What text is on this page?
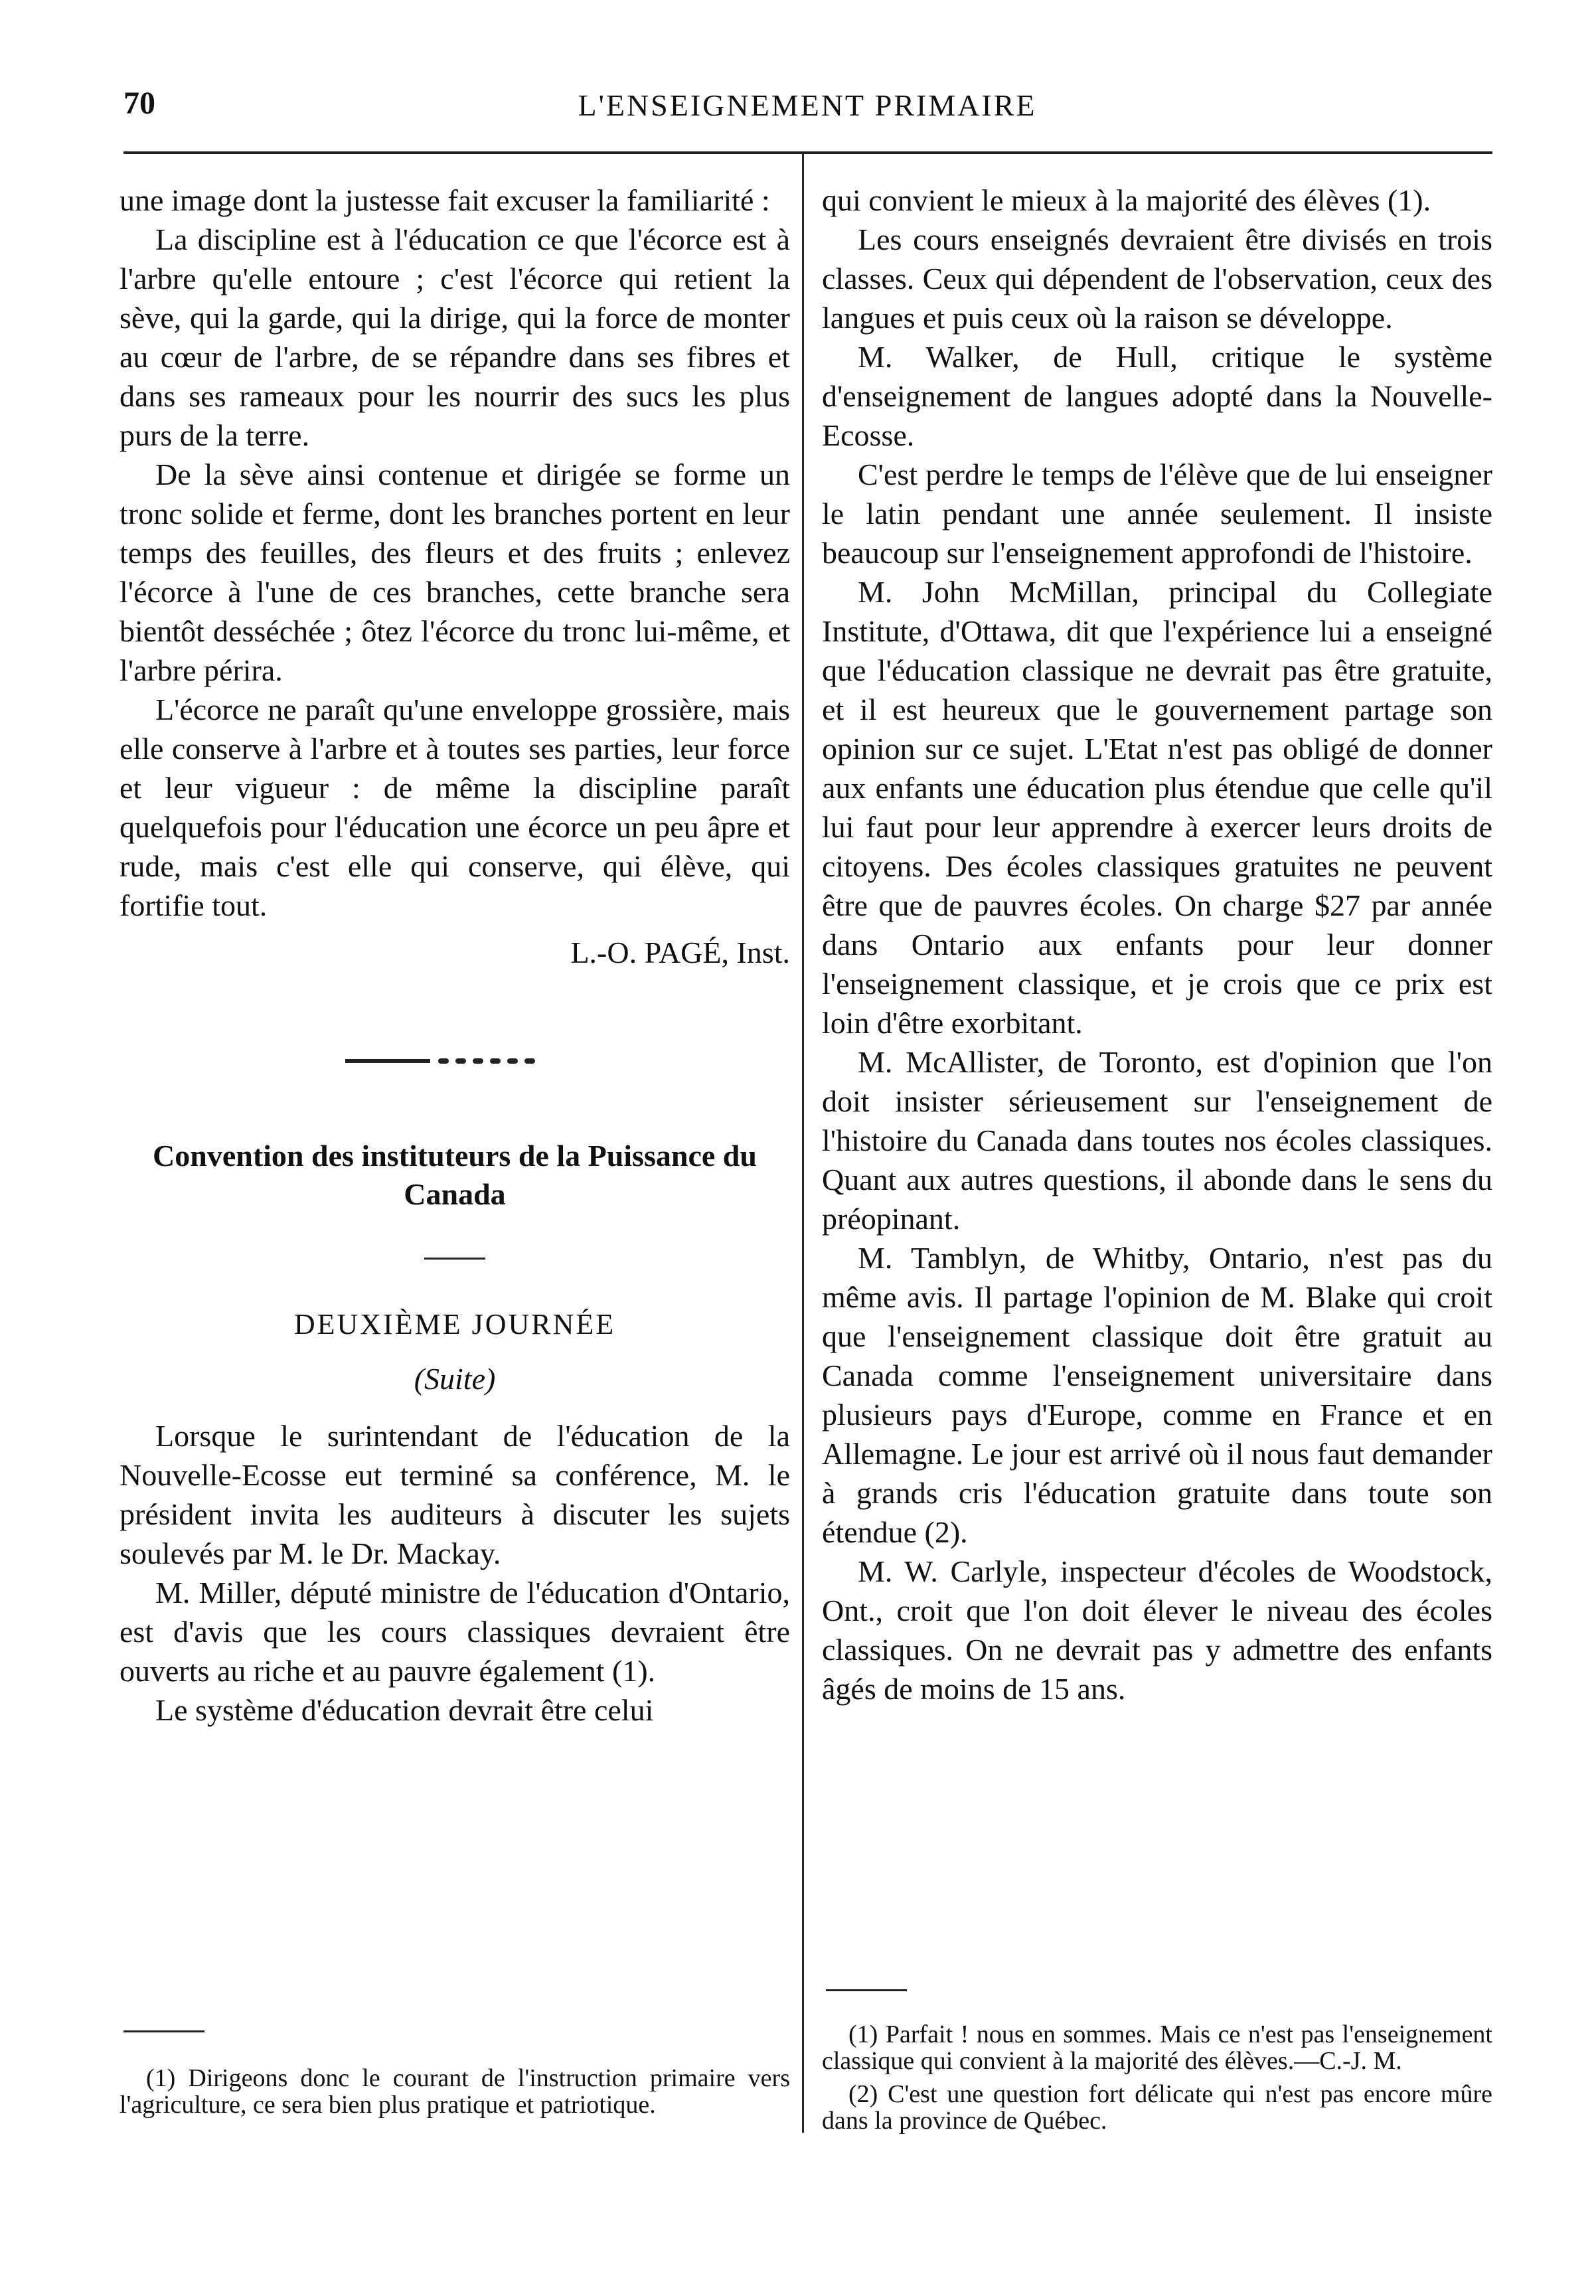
70	L'ENSEIGNEMENT PRIMAIRE

une image dont la justesse fait excuser la familiarité :

La discipline est à l'éducation ce que l'écorce est à l'arbre qu'elle entoure ; c'est l'écorce qui retient la sève, qui la garde, qui la dirige, qui la force de monter au cœur de l'arbre, de se répandre dans ses fibres et dans ses rameaux pour les nourrir des sucs les plus purs de la terre.

De la sève ainsi contenue et dirigée se forme un tronc solide et ferme, dont les branches portent en leur temps des feuilles, des fleurs et des fruits ; enlevez l'écorce à l'une de ces branches, cette branche sera bientôt desséchée ; ôtez l'écorce du tronc lui-même, et l'arbre périra.

L'écorce ne paraît qu'une enveloppe grossière, mais elle conserve à l'arbre et à toutes ses parties, leur force et leur vigueur : de même la discipline paraît quelquefois pour l'éducation une écorce un peu âpre et rude, mais c'est elle qui conserve, qui élève, qui fortifie tout.

L.-O. PAGÉ, Inst.
Convention des instituteurs de la Puissance du Canada
DEUXIÈME JOURNÉE
(Suite)

Lorsque le surintendant de l'éducation de la Nouvelle-Ecosse eut terminé sa conférence, M. le président invita les auditeurs à discuter les sujets soulevés par M. le Dr. Mackay.

M. Miller, député ministre de l'éducation d'Ontario, est d'avis que les cours classiques devraient être ouverts au riche et au pauvre également (1).

Le système d'éducation devrait être celui

(1) Dirigeons donc le courant de l'instruction primaire vers l'agriculture, ce sera bien plus pratique et patriotique.

qui convient le mieux à la majorité des élèves (1).

Les cours enseignés devraient être divisés en trois classes. Ceux qui dépendent de l'observation, ceux des langues et puis ceux où la raison se développe.

M. Walker, de Hull, critique le système d'enseignement de langues adopté dans la Nouvelle-Ecosse.

C'est perdre le temps de l'élève que de lui enseigner le latin pendant une année seulement. Il insiste beaucoup sur l'enseignement approfondi de l'histoire.

M. John McMillan, principal du Collegiate Institute, d'Ottawa, dit que l'expérience lui a enseigné que l'éducation classique ne devrait pas être gratuite, et il est heureux que le gouvernement partage son opinion sur ce sujet. L'Etat n'est pas obligé de donner aux enfants une éducation plus étendue que celle qu'il lui faut pour leur apprendre à exercer leurs droits de citoyens. Des écoles classiques gratuites ne peuvent être que de pauvres écoles. On charge $27 par année dans Ontario aux enfants pour leur donner l'enseignement classique, et je crois que ce prix est loin d'être exorbitant.

M. McAllister, de Toronto, est d'opinion que l'on doit insister sérieusement sur l'enseignement de l'histoire du Canada dans toutes nos écoles classiques. Quant aux autres questions, il abonde dans le sens du préopinant.

M. Tamblyn, de Whitby, Ontario, n'est pas du même avis. Il partage l'opinion de M. Blake qui croit que l'enseignement classique doit être gratuit au Canada comme l'enseignement universitaire dans plusieurs pays d'Europe, comme en France et en Allemagne. Le jour est arrivé où il nous faut demander à grands cris l'éducation gratuite dans toute son étendue (2).

M. W. Carlyle, inspecteur d'écoles de Woodstock, Ont., croit que l'on doit élever le niveau des écoles classiques. On ne devrait pas y admettre des enfants âgés de moins de 15 ans.

(1) Parfait ! nous en sommes. Mais ce n'est pas l'enseignement classique qui convient à la majorité des élèves.—C.-J. M.

(2) C'est une question fort délicate qui n'est pas encore mûre dans la province de Québec.
